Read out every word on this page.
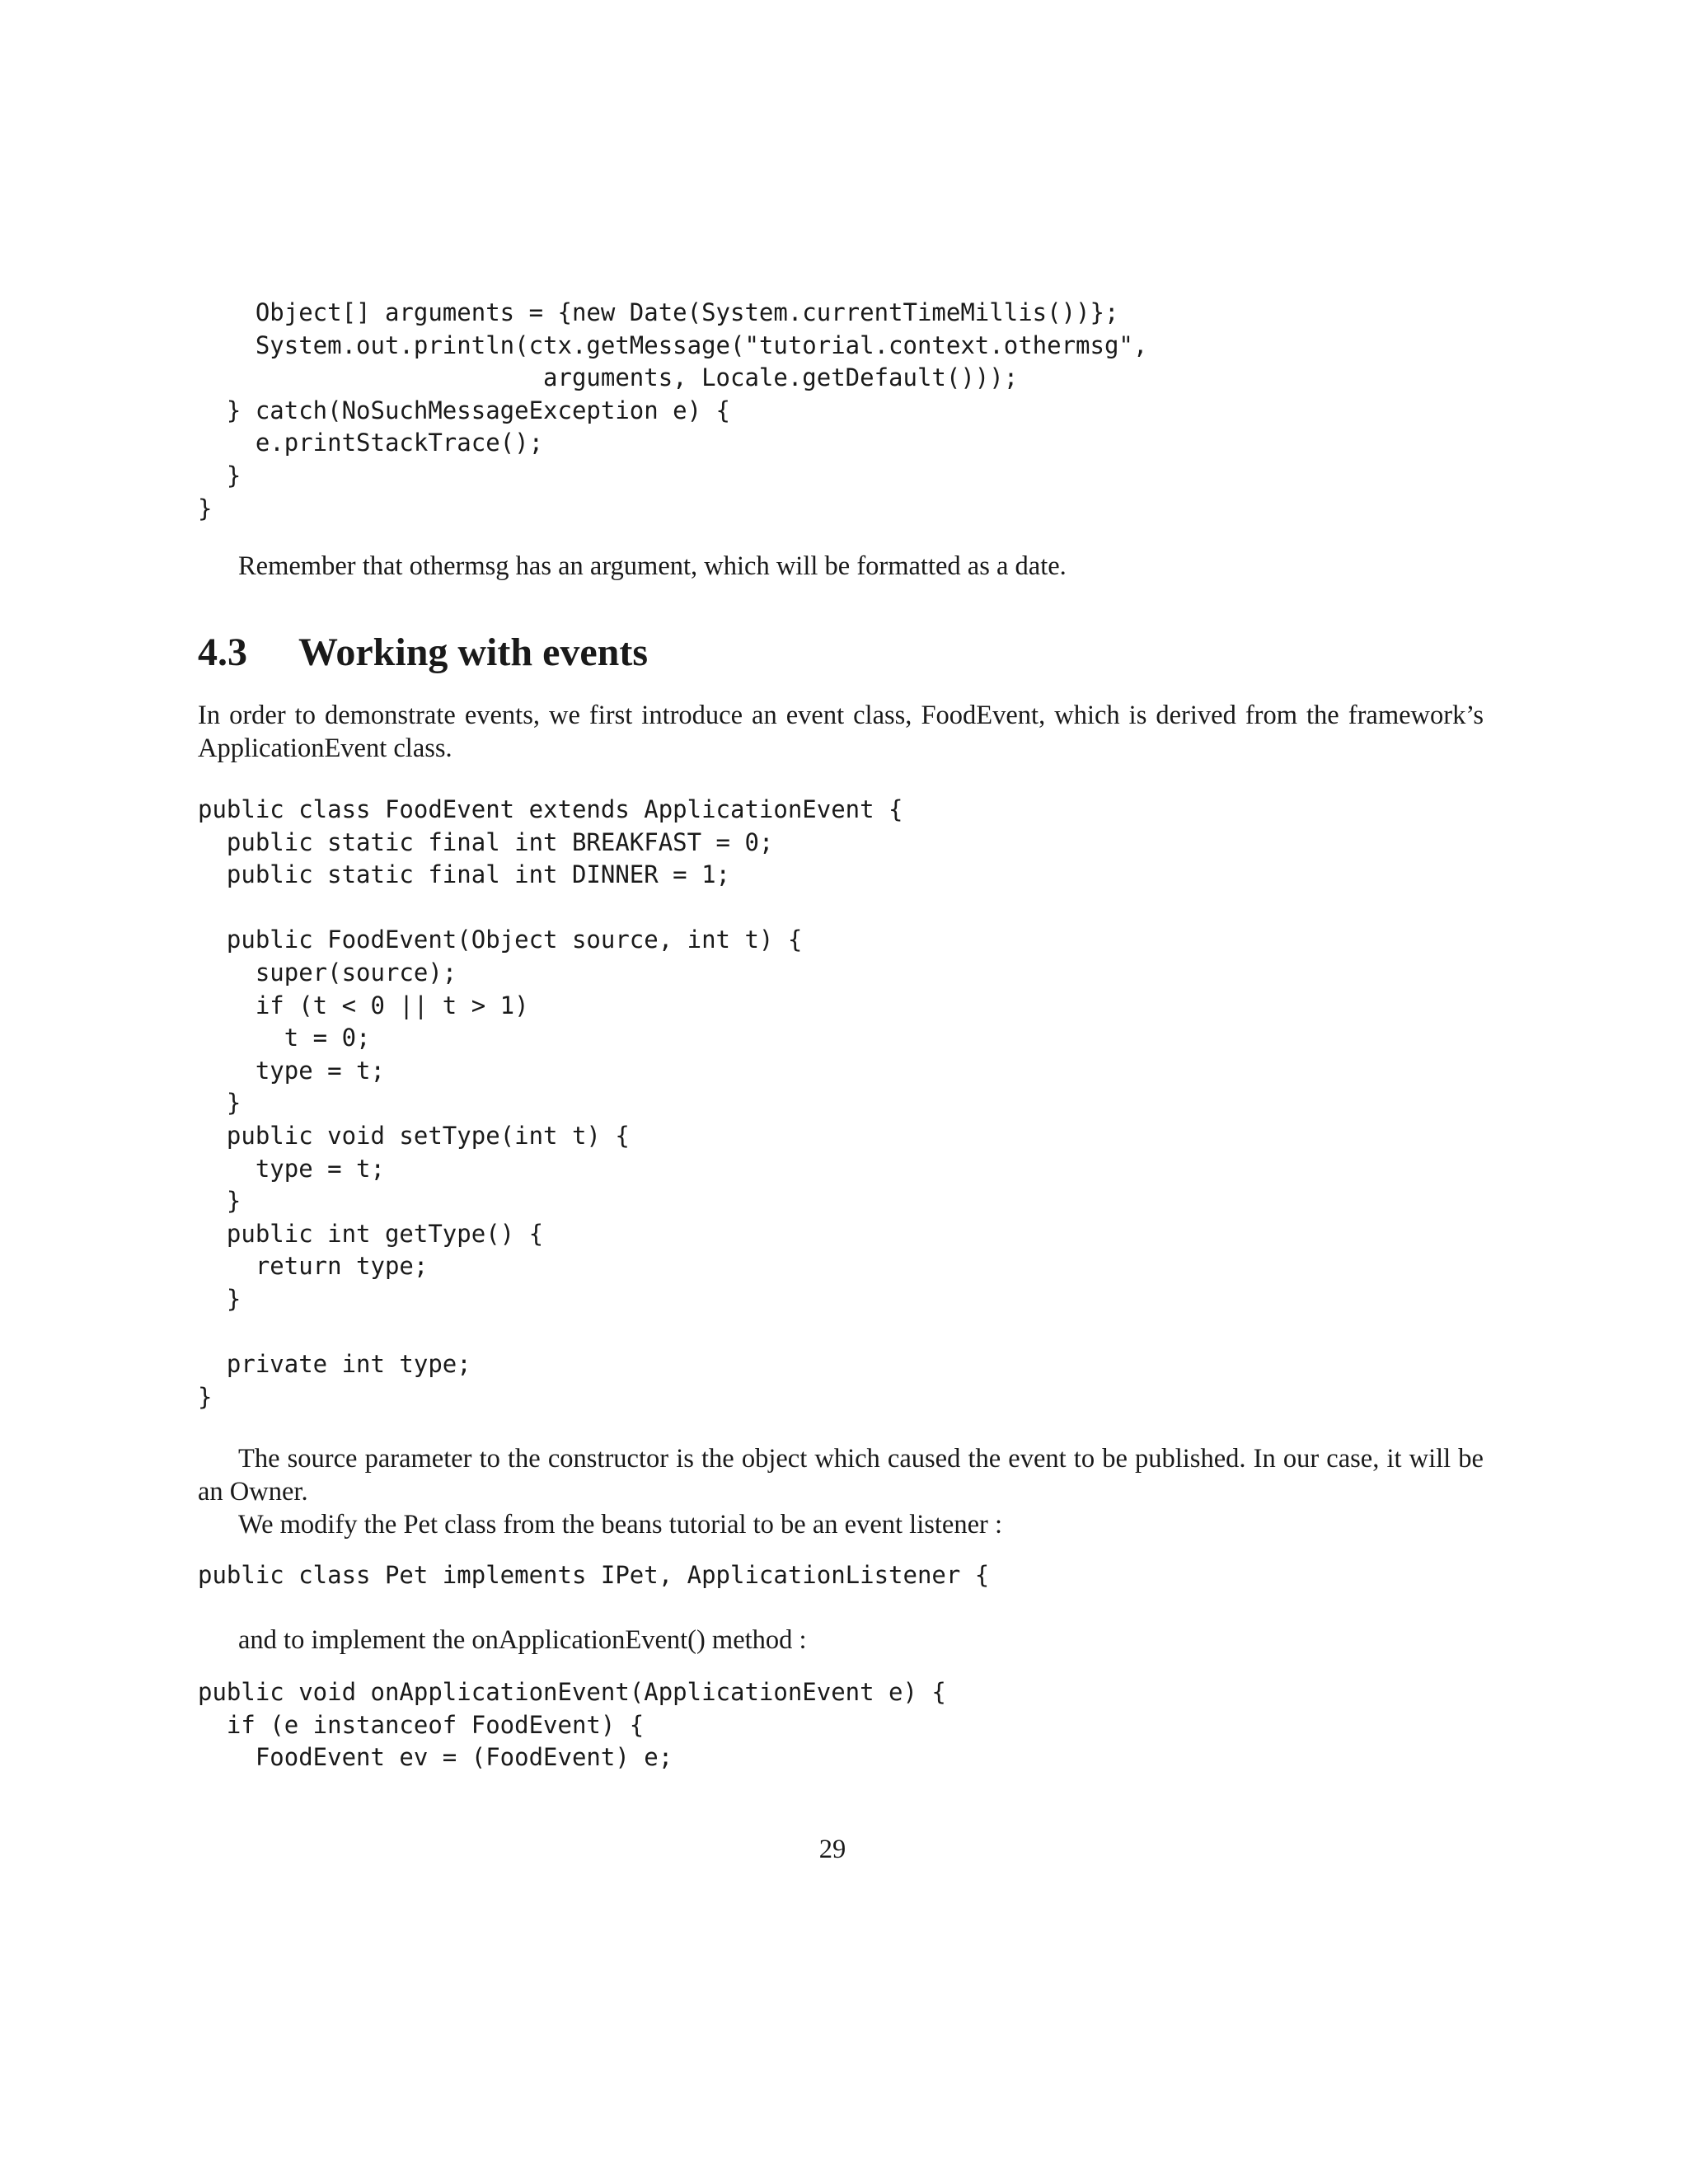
Object[] arguments = {new Date(System.currentTimeMillis())};
System.out.println(ctx.getMessage("tutorial.context.othermsg",
arguments, Locale.getDefault()));
} catch(NoSuchMessageException e) {
e.printStackTrace();
}
}

Remember that othermsg has an argument, which will be formatted as a date.

4.3 Working with events

In order to demonstrate events, we first introduce an event class, FoodEvent, which is derived from the framework’s ApplicationEvent class.

public class FoodEvent extends ApplicationEvent {
public static final int BREAKFAST = 0;
public static final int DINNER = 1;

public FoodEvent(Object source, int t) {
super(source);
if (t < 0 || t > 1)
t = 0;
type = t;
}
public void setType(int t) {
type = t;
}
public int getType() {
return type;
}

private int type;
}

The source parameter to the constructor is the object which caused the event to be published. In our case, it will be an Owner.

We modify the Pet class from the beans tutorial to be an event listener :

public class Pet implements IPet, ApplicationListener {

and to implement the onApplicationEvent() method :

public void onApplicationEvent(ApplicationEvent e) {
if (e instanceof FoodEvent) {
FoodEvent ev = (FoodEvent) e;
29
